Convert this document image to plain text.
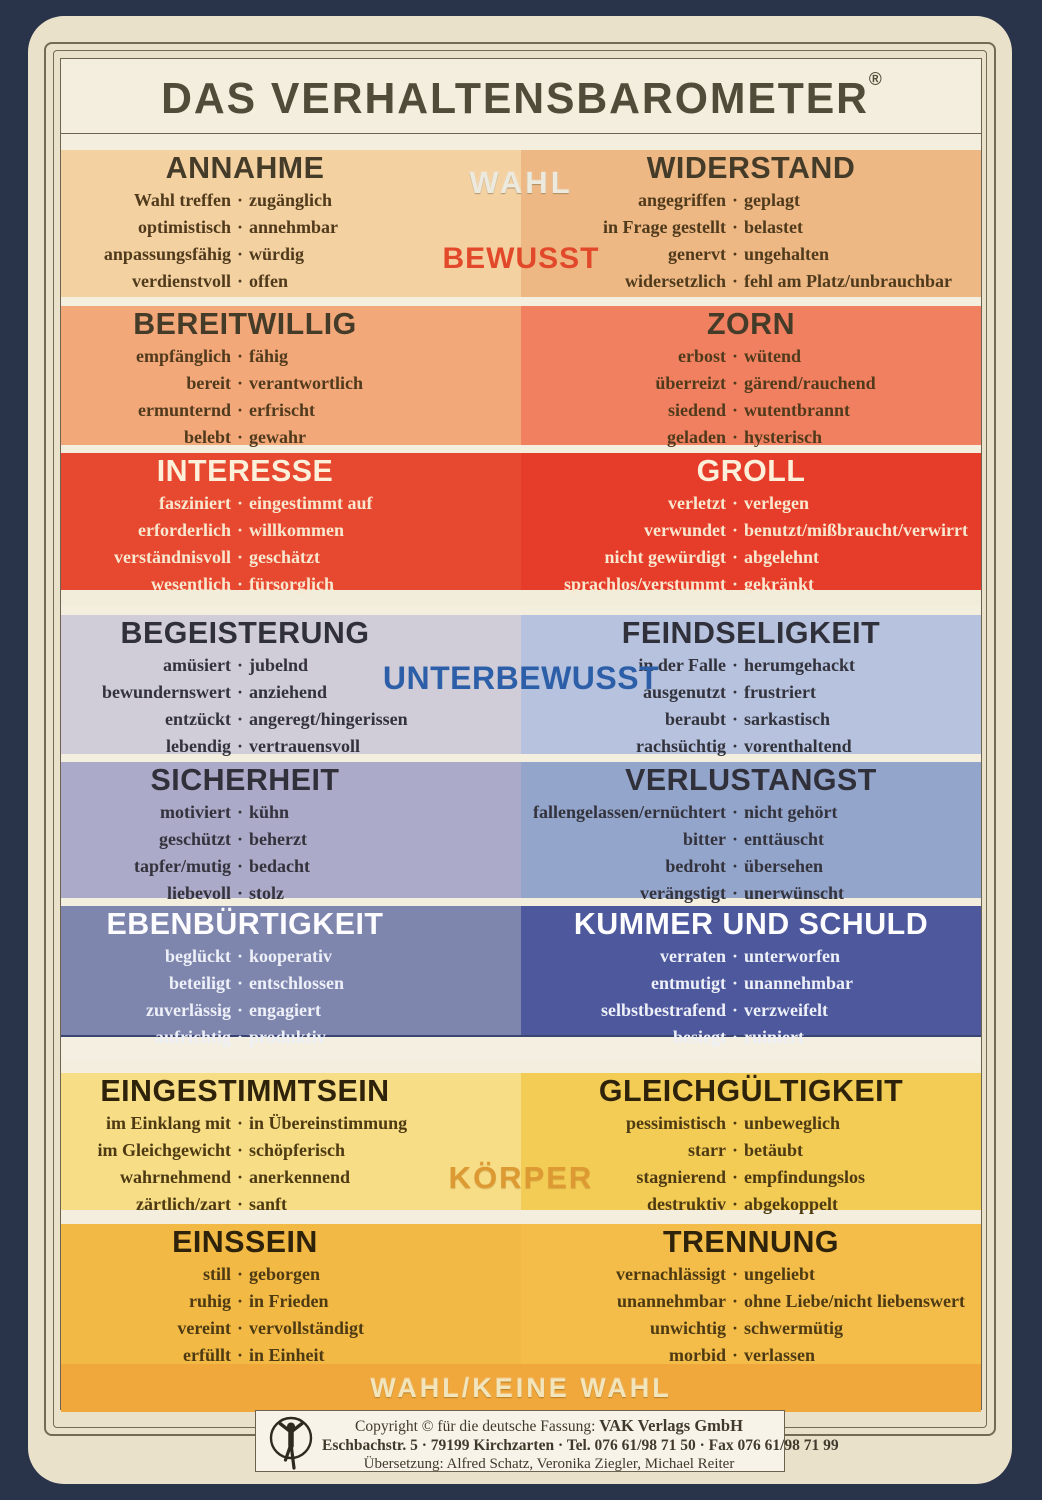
DAS VERHALTENSBAROMETER®
ANNAHME
Wahl treffen · zugänglich
optimistisch · annehmbar
anpassungsfähig · würdig
verdienstvoll · offen
WIDERSTAND
angegriffen · geplagt
in Frage gestellt · belastet
genervt · ungehalten
widersetzlich · fehl am Platz/unbrauchbar
BEREITWILLIG
empfänglich · fähig
bereit · verantwortlich
ermunternd · erfrischt
belebt · gewahr
ZORN
erbost · wütend
überreizt · gärend/rauchend
siedend · wutentbrannt
geladen · hysterisch
INTERESSE
fasziniert · eingestimmt auf
erforderlich · willkommen
verständnisvoll · geschätzt
wesentlich · fürsorglich
GROLL
verletzt · verlegen
verwundet · benutzt/mißbraucht/verwirrt
nicht gewürdigt · abgelehnt
sprachlos/verstummt · gekränkt
BEGEISTERUNG
amüsiert · jubelnd
bewundernswert · anziehend
entzückt · angeregt/hingerissen
lebendig · vertrauensvoll
FEINDSELIGKEIT
in der Falle · herumgehackt
ausgenutzt · frustriert
beraubt · sarkastisch
rachsüchtig · vorenthaltend
SICHERHEIT
motiviert · kühn
geschützt · beherzt
tapfer/mutig · bedacht
liebevoll · stolz
VERLUSTANGST
fallengelassen/ernüchtert · nicht gehört
bitter · enttäuscht
bedroht · übersehen
verängstigt · unerwünscht
EBENBÜRTIGKEIT
beglückt · kooperativ
beteiligt · entschlossen
zuverlässig · engagiert
aufrichtig · produktiv
KUMMER UND SCHULD
verraten · unterworfen
entmutigt · unannehmbar
selbstbestrafend · verzweifelt
besiegt · ruiniert
EINGESTIMMTSEIN
im Einklang mit · in Übereinstimmung
im Gleichgewicht · schöpferisch
wahrnehmend · anerkennend
zärtlich/zart · sanft
GLEICHGÜLTIGKEIT
pessimistisch · unbeweglich
starr · betäubt
stagnierend · empfindungslos
destruktiv · abgekoppelt
EINSSEIN
still · geborgen
ruhig · in Frieden
vereint · vervollständigt
erfüllt · in Einheit
TRENNUNG
vernachlässigt · ungeliebt
unannehmbar · ohne Liebe/nicht liebenswert
unwichtig · schwermütig
morbid · verlassen
WAHL/KEINE WAHL
WAHL
BEWUSST
UNTERBEWUSST
KÖRPER
Copyright © für die deutsche Fassung: VAK Verlags GmbH
Eschbachstr. 5 · 79199 Kirchzarten · Tel. 076 61/98 71 50 · Fax 076 61/98 71 99
Übersetzung: Alfred Schatz, Veronika Ziegler, Michael Reiter
